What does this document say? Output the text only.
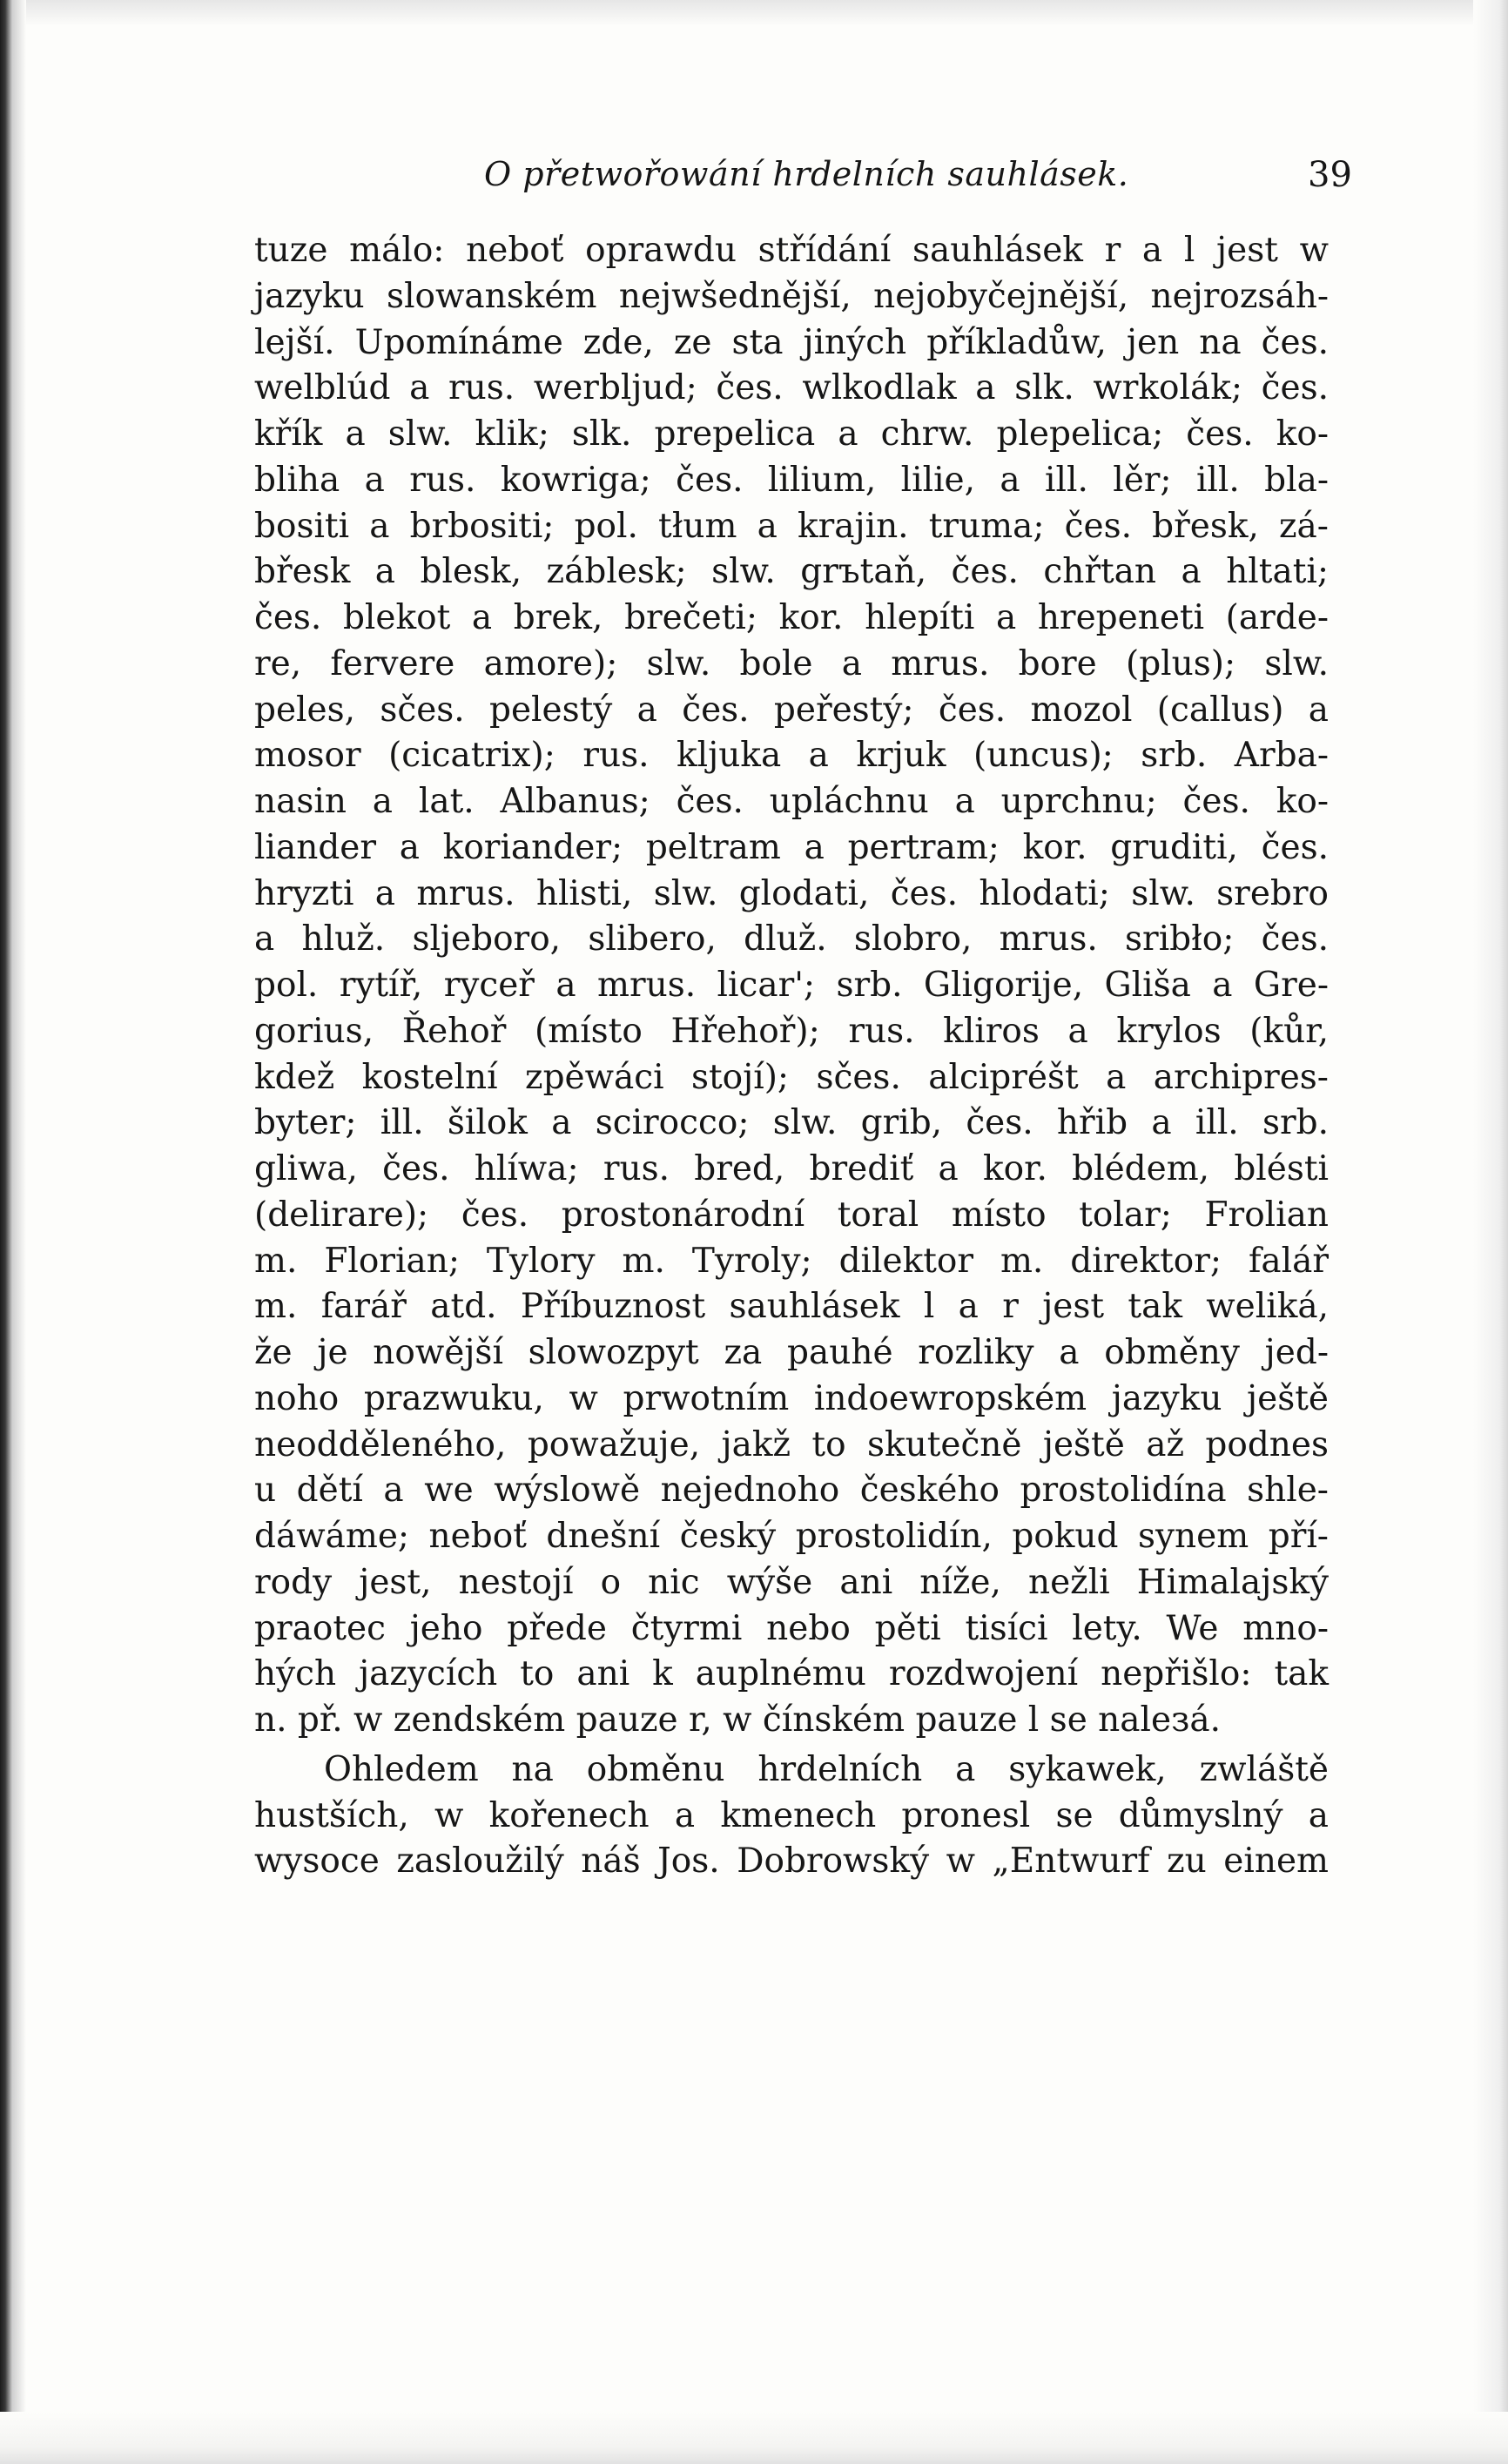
O přetwořowání hrdelních sauhlásek.	39
tuze málo: neboť oprawdu střídání sauhlásek r a l jest w
jazyku slowanském nejwšednější, nejobyčejnější, nejrozsáh-
lejší. Upomínáme zde, ze sta jiných příkladůw, jen na čes.
welblúd a rus. werbljud; čes. wlkodlak a slk. wrkolák; čes.
křík a slw. klik; slk. prepelica a chrw. plepelica; čes. ko-
bliha a rus. kowriga; čes. lilium, lilie, a ill. lěr; ill. bla-
bositi a brbositi; pol. tłum a krajin. truma; čes. břesk, zá-
břesk a blesk, záblesk; slw. grъtaň, čes. chřtan a hltati;
čes. blekot a brek, brečeti; kor. hlepíti a hrepeneti (arde-
re, fervere amore); slw. bole a mrus. bore (plus); slw.
peles, sčes. pelestý a čes. peřestý; čes. mozol (callus) a
mosor (cicatrix); rus. kljuka a krjuk (uncus); srb. Arba-
nasin a lat. Albanus; čes. upláchnu a uprchnu; čes. ko-
liander a koriander; peltram a pertram; kor. gruditi, čes.
hryzti a mrus. hlisti, slw. glodati, čes. hlodati; slw. srebro
a hluž. sljeboro, slibero, dluž. slobro, mrus. sribło; čes.
pol. rytíř, ryceř a mrus. licar'; srb. Gligorije, Gliša a Gre-
gorius, Řehoř (místo Hřehoř); rus. kliros a krylos (kůr,
kdež kostelní zpěwáci stojí); sčes. alcipréšt a archipres-
byter; ill. šilok a scirocco; slw. grib, čes. hřib a ill. srb.
gliwa, čes. hlíwa; rus. bred, brediť a kor. blédem, blésti
(delirare); čes. prostonárodní toral místo tolar; Frolian
m. Florian; Tylory m. Tyroly; dilektor m. direktor; falář
m. farář atd. Příbuznost sauhlásek l a r jest tak weliká,
že je nowější slowozpyt za pauhé rozliky a obměny jed-
noho prazwuku, w prwotním indoewropském jazyku ještě
neodděleného, powažuje, jakž to skutečně ještě až podnes
u dětí a we wýslowě nejednoho českého prostolidína shle-
dáwáme; neboť dnešní český prostolidín, pokud synem pří-
rody jest, nestojí o nic wýše ani níže, nežli Himalajský
praotec jeho přede čtyrmi nebo pěti tisíci lety. We mno-
hých jazycích to ani k auplnému rozdwojení nepřišlo: tak
n. př. w zendském pauze r, w čínském pauze l se naleзá.
Ohledem na obměnu hrdelních a sykawek, zwláště
hustších, w kořenech a kmenech pronesl se důmyslný a
wysoce zasloužilý náš Jos. Dobrowský w „Entwurf zu einem
